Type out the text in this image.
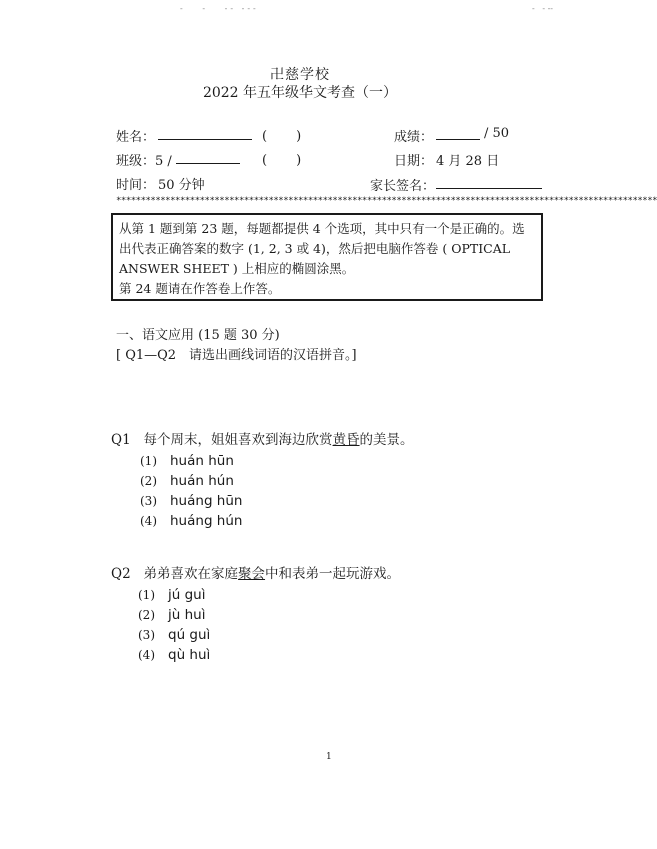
-   -   -- ---	-   - --
卍慈学校
2022 年五年级华文考查（一）
姓名：	(　　)	成绩：	/ 50
班级：5 /	(　　)	日期： 4 月 28 日
时间： 50 分钟	家长签名：
**************************************************************************************************************

从第 1 题到第 23 题，每题都提供 4 个选项，其中只有一个是正确的。选出代表正确答案的数字 (1, 2, 3 或 4)，然后把电脑作答卷 ( OPTICAL ANSWER SHEET ) 上相应的椭圆涂黑。

第 24 题请在作答卷上作答。

一、语文应用 (15 题 30 分)
[ Q1—Q2　请选出画线词语的汉语拼音。]
Q1 每个周末，姐姐喜欢到海边欣赏黄昏的美景。
(1) huán hūn
(2) huán hún
(3) huáng hūn
(4) huáng hún
Q2 弟弟喜欢在家庭聚会中和表弟一起玩游戏。
(1) jú guì
(2) jù huì
(3) qú guì
(4) qù huì
1
